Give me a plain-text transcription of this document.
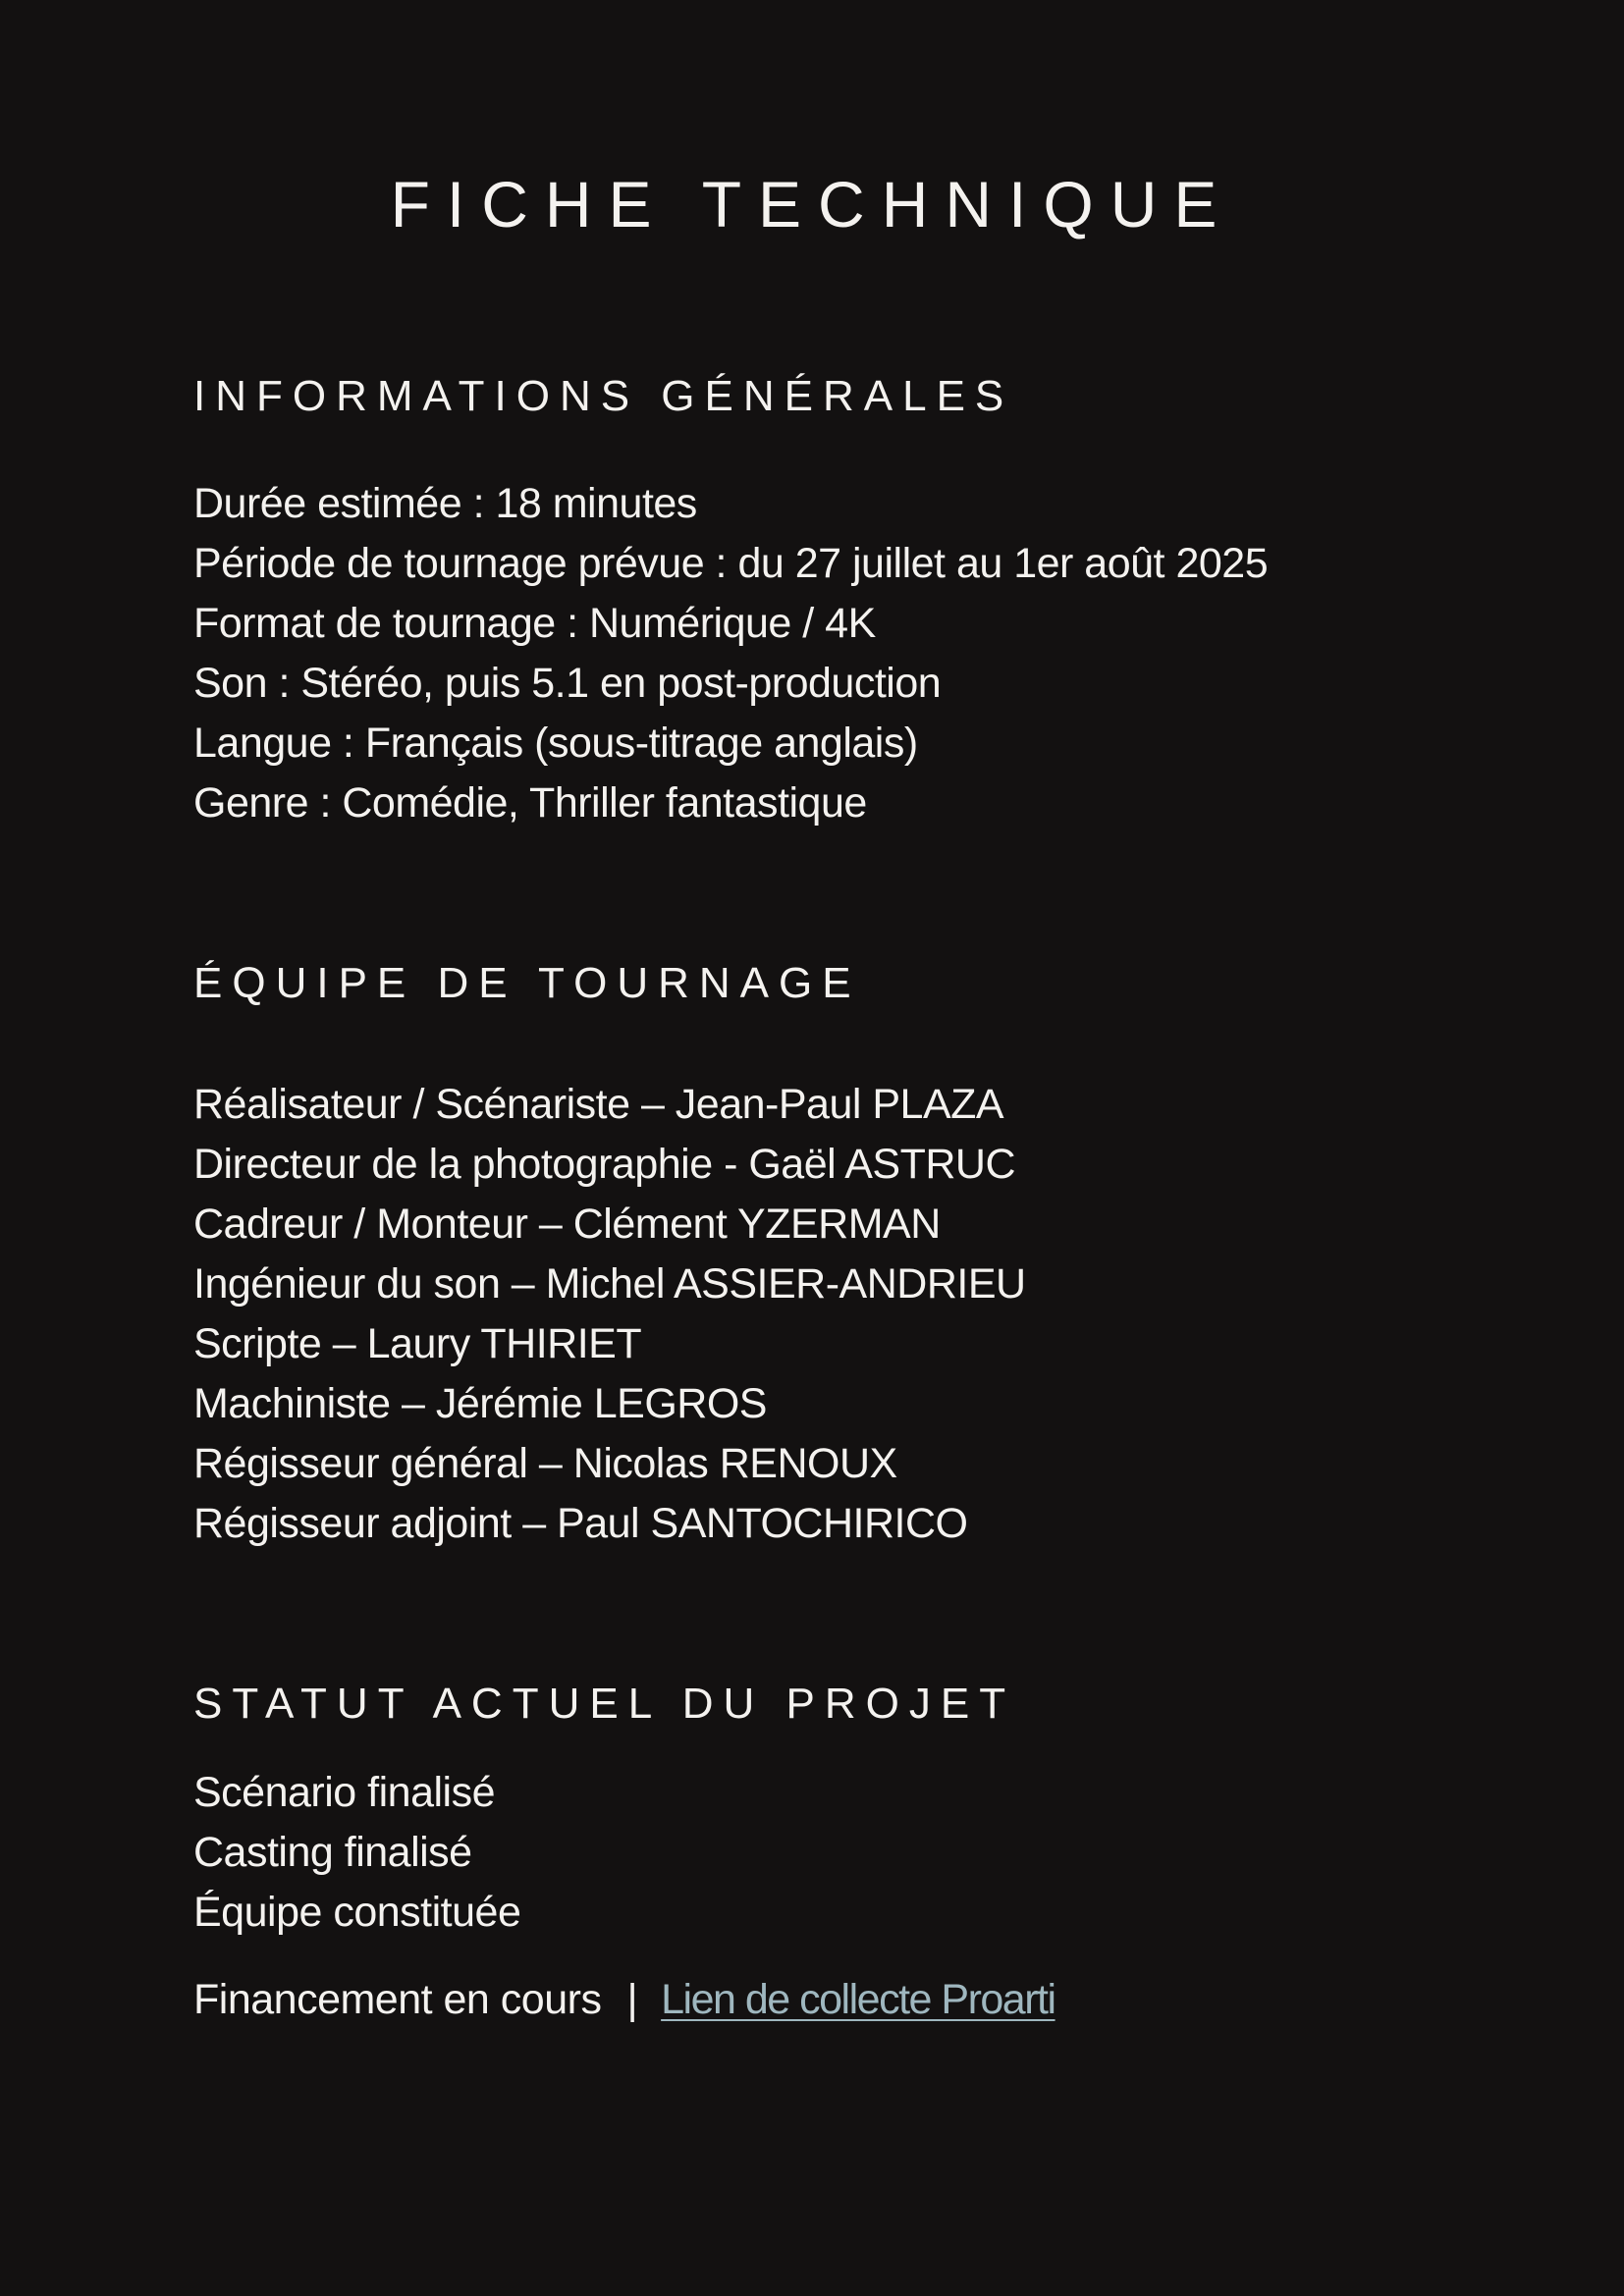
FICHE TECHNIQUE
INFORMATIONS GÉNÉRALES
Durée estimée : 18 minutes
Période de tournage prévue : du 27 juillet au 1er août 2025
Format de tournage : Numérique / 4K
Son : Stéréo, puis 5.1 en post-production
Langue : Français (sous-titrage anglais)
Genre : Comédie, Thriller fantastique
ÉQUIPE DE TOURNAGE
Réalisateur / Scénariste – Jean-Paul PLAZA
Directeur de la photographie - Gaël ASTRUC
Cadreur / Monteur – Clément YZERMAN
Ingénieur du son – Michel ASSIER-ANDRIEU
Scripte – Laury THIRIET
Machiniste – Jérémie LEGROS
Régisseur général – Nicolas RENOUX
Régisseur adjoint – Paul SANTOCHIRICO
STATUT ACTUEL DU PROJET
Scénario finalisé
Casting finalisé
Équipe constituée
Financement en cours | Lien de collecte Proarti
